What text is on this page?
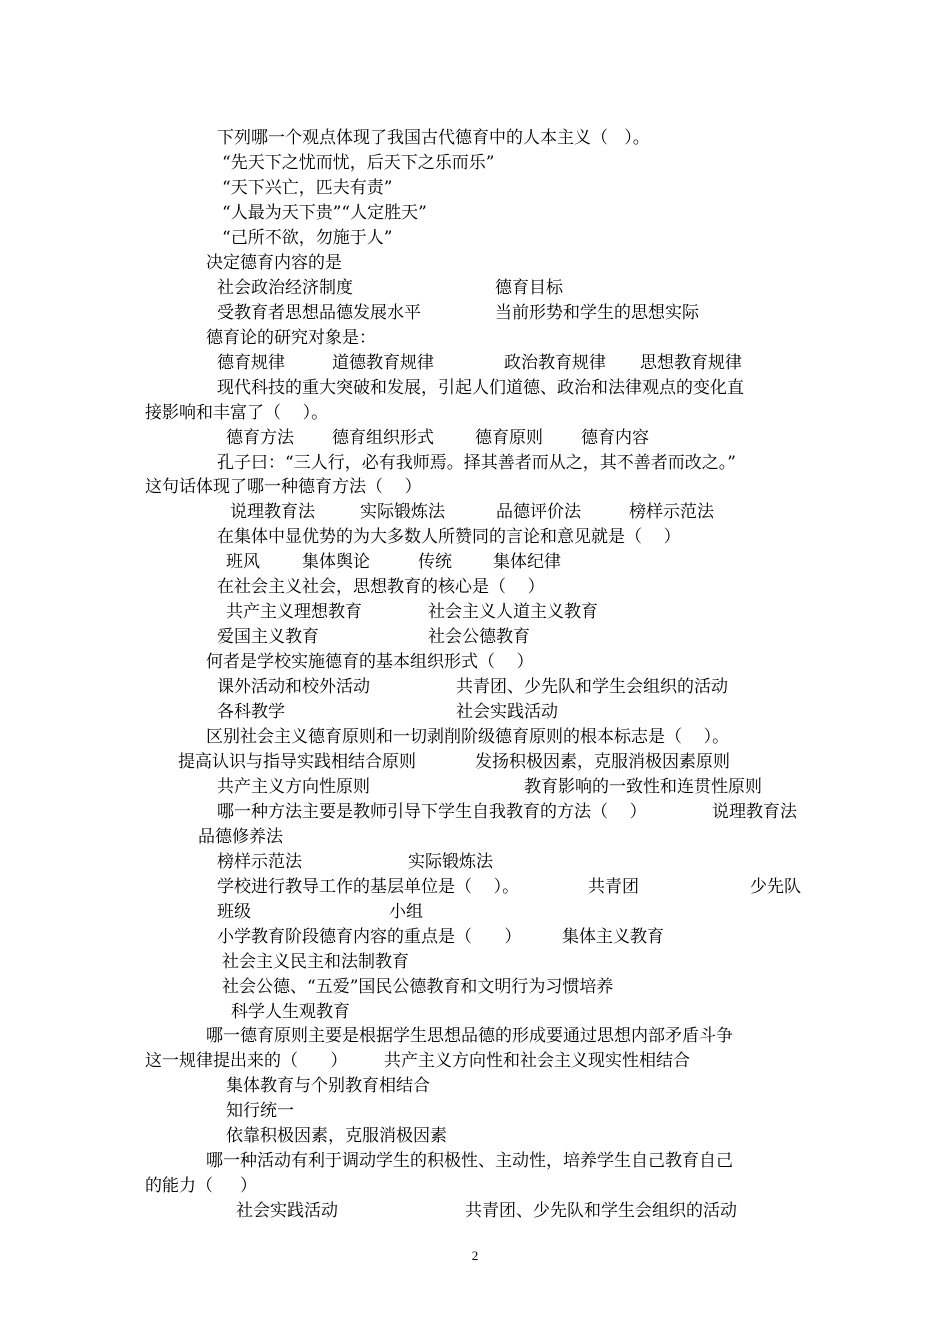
下列哪一个观点体现了我国古代德育中的人本主义（   ）。
“先天下之忧而忧，后天下之乐而乐”
“天下兴亡，匹夫有责”
“人最为天下贵”“人定胜天”
“己所不欲，勿施于人”
决定德育内容的是
社会政治经济制度	德育目标
受教育者思想品德发展水平	当前形势和学生的思想实际
德育论的研究对象是：
德育规律	道德教育规律	政治教育规律 思想教育规律
现代科技的重大突破和发展，引起人们道德、政治和法律观点的变化直
接影响和丰富了（    ）。
德育方法 德育组织形式 德育原则 德育内容
孔子曰：“三人行，必有我师焉。择其善者而从之，其不善者而改之。”
这句话体现了哪一种德育方法（    ）
说理教育法	实际锻炼法	品德评价法	榜样示范法
在集体中显优势的为大多数人所赞同的言论和意见就是（    ）
班风 集体舆论	传统 集体纪律
在社会主义社会，思想教育的核心是（    ）
共产主义理想教育	社会主义人道主义教育
爱国主义教育	社会公德教育
何者是学校实施德育的基本组织形式（    ）
课外活动和校外活动	共青团、少先队和学生会组织的活动
各科教学	社会实践活动
区别社会主义德育原则和一切剥削阶级德育原则的根本标志是（    ）。
提高认识与指导实践相结合原则	发扬积极因素，克服消极因素原则
共产主义方向性原则	教育影响的一致性和连贯性原则
哪一种方法主要是教师引导下学生自我教育的方法（    ）	说理教育法
品德修养法
榜样示范法	实际锻炼法
学校进行教导工作的基层单位是（    ）。	共青团	少先队
班级	小组
小学教育阶段德育内容的重点是（      ） 集体主义教育
社会主义民主和法制教育
社会公德、“五爱”国民公德教育和文明行为习惯培养
科学人生观教育
哪一德育原则主要是根据学生思想品德的形成要通过思想内部矛盾斗争
这一规律提出来的（      ） 共产主义方向性和社会主义现实性相结合
集体教育与个别教育相结合
知行统一
依靠积极因素，克服消极因素
哪一种活动有利于调动学生的积极性、主动性，培养学生自己教育自己
的能力（     ）
社会实践活动	共青团、少先队和学生会组织的活动
2
